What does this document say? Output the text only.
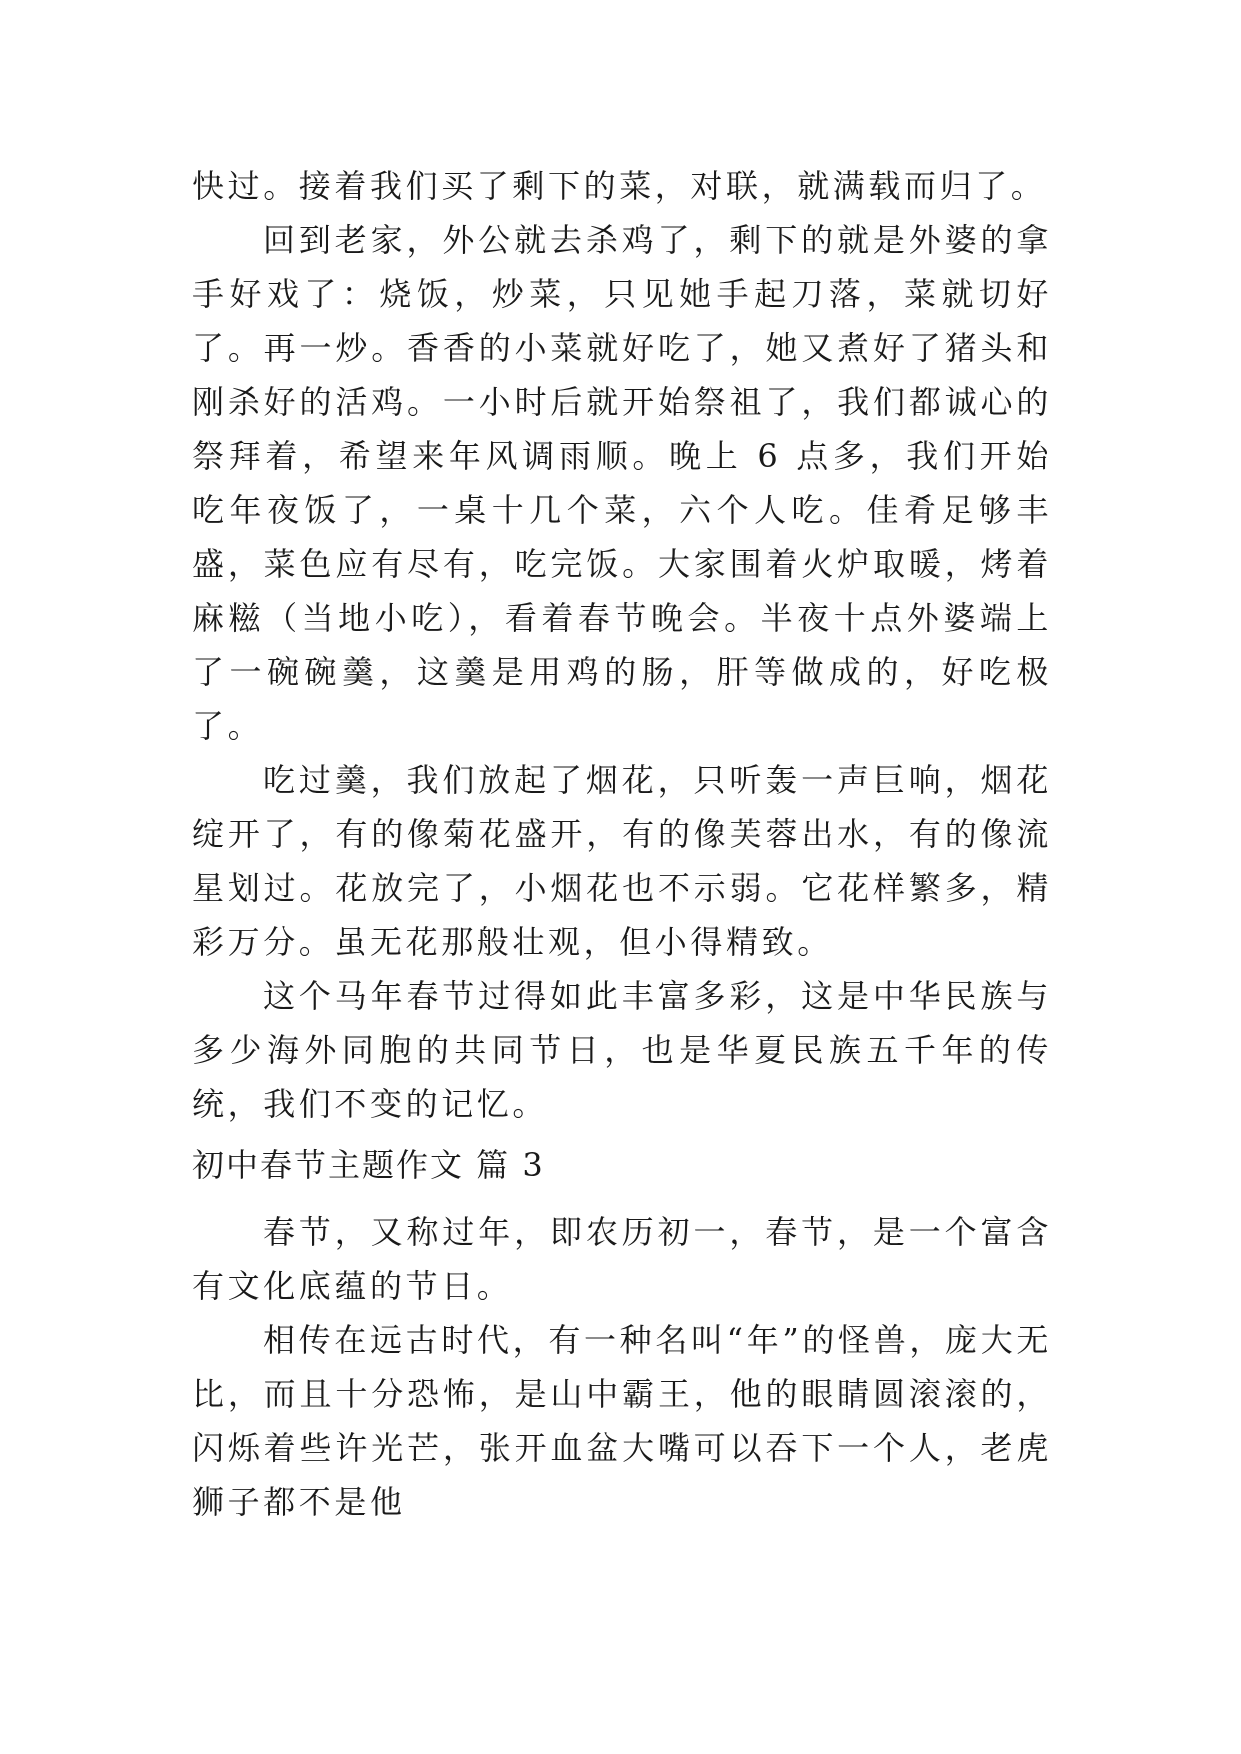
快过。接着我们买了剩下的菜，对联，就满载而归了。

回到老家，外公就去杀鸡了，剩下的就是外婆的拿手好戏了：烧饭，炒菜，只见她手起刀落，菜就切好了。再一炒。香香的小菜就好吃了，她又煮好了猪头和刚杀好的活鸡。一小时后就开始祭祖了，我们都诚心的祭拜着，希望来年风调雨顺。晚上 6 点多，我们开始吃年夜饭了，一桌十几个菜，六个人吃。佳肴足够丰盛，菜色应有尽有，吃完饭。大家围着火炉取暖，烤着麻糍（当地小吃），看着春节晚会。半夜十点外婆端上了一碗碗羹，这羹是用鸡的肠，肝等做成的，好吃极了。

吃过羹，我们放起了烟花，只听轰一声巨响，烟花绽开了，有的像菊花盛开，有的像芙蓉出水，有的像流星划过。花放完了，小烟花也不示弱。它花样繁多，精彩万分。虽无花那般壮观，但小得精致。

这个马年春节过得如此丰富多彩，这是中华民族与多少海外同胞的共同节日，也是华夏民族五千年的传统，我们不变的记忆。

初中春节主题作文 篇 3

春节，又称过年，即农历初一，春节，是一个富含有文化底蕴的节日。

相传在远古时代，有一种名叫“年”的怪兽，庞大无比，而且十分恐怖，是山中霸王，他的眼睛圆滚滚的，闪烁着些许光芒，张开血盆大嘴可以吞下一个人，老虎狮子都不是他
